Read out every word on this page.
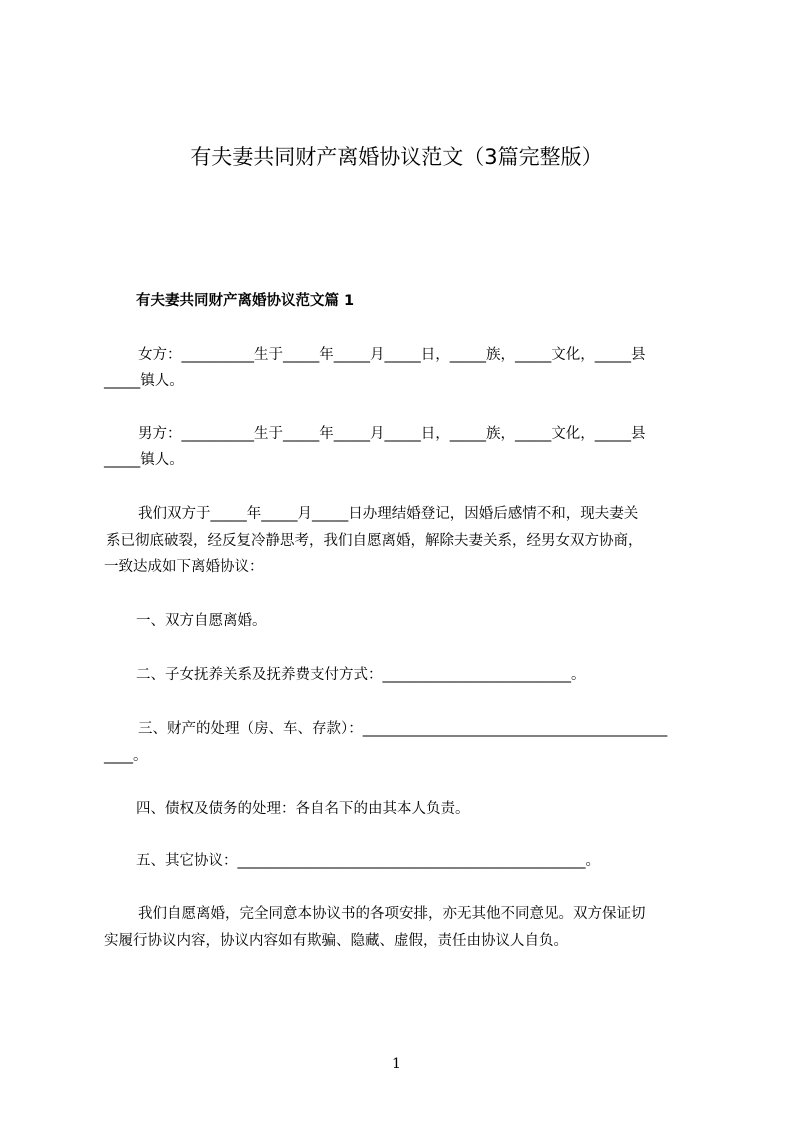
有夫妻共同财产离婚协议范文（3篇完整版）
有夫妻共同财产离婚协议范文篇 1
女方：__________生于_____年_____月_____日，_____族，_____文化，_____县
_____镇人。
男方：__________生于_____年_____月_____日，_____族，_____文化，_____县
_____镇人。
我们双方于_____年_____月_____日办理结婚登记，因婚后感情不和，现夫妻关
系已彻底破裂，经反复冷静思考，我们自愿离婚，解除夫妻关系，经男女双方协商，
一致达成如下离婚协议：
一、双方自愿离婚。
二、子女抚养关系及抚养费支付方式：__________________________。
三、财产的处理（房、车、存款）：__________________________________________
____。
四、债权及债务的处理：各自名下的由其本人负责。
五、其它协议：________________________________________________。
我们自愿离婚，完全同意本协议书的各项安排，亦无其他不同意见。双方保证切
实履行协议内容，协议内容如有欺骗、隐藏、虚假，责任由协议人自负。
1
